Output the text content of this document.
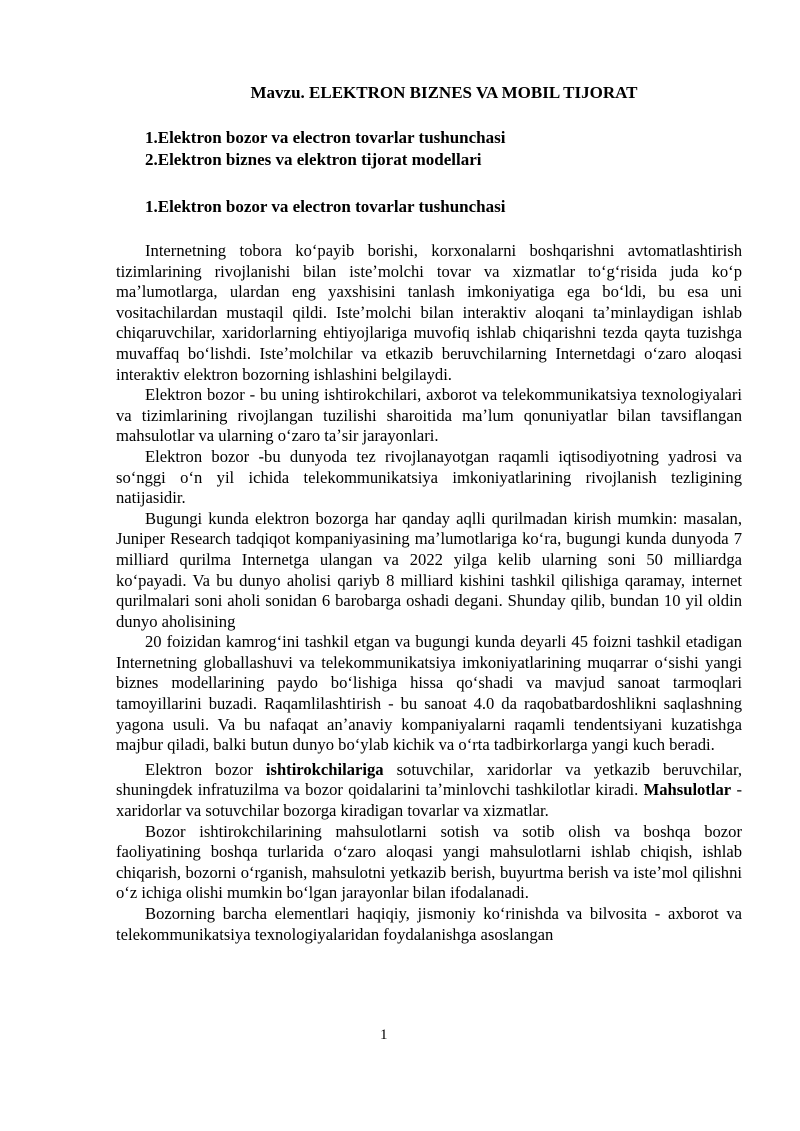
Mavzu. ELEKTRON BIZNES VA MOBIL TIJORAT
1.Elektron bozor va electron tovarlar tushunchasi
2.Elektron biznes va elektron tijorat modellari
1.Elektron bozor va electron tovarlar tushunchasi

Internetning tobora koʻpayib borishi, korxonalarni boshqarishni avtomatlashtirish tizimlarining rivojlanishi bilan isteʼmolchi tovar va xizmatlar toʻgʻrisida juda koʻp maʼlumotlarga, ulardan eng yaxshisini tanlash imkoniyatiga ega boʻldi, bu esa uni vositachilardan mustaqil qildi. Isteʼmolchi bilan interaktiv aloqani taʼminlaydigan ishlab chiqaruvchilar, xaridorlarning ehtiyojlariga muvofiq ishlab chiqarishni tezda qayta tuzishga muvaffaq boʻlishdi. Isteʼmolchilar va etkazib beruvchilarning Internetdagi oʻzaro aloqasi interaktiv elektron bozorning ishlashini belgilaydi.

Elektron bozor - bu uning ishtirokchilari, axborot va telekommunikatsiya texnologiyalari va tizimlarining rivojlangan tuzilishi sharoitida maʼlum qonuniyatlar bilan tavsiflangan mahsulotlar va ularning oʻzaro taʼsir jarayonlari.

Elektron bozor -bu dunyoda tez rivojlanayotgan raqamli iqtisodiyotning yadrosi va soʻnggi oʻn yil ichida telekommunikatsiya imkoniyatlarining rivojlanish tezligining natijasidir.

Bugungi kunda elektron bozorga har qanday aqlli qurilmadan kirish mumkin: masalan, Juniper Research tadqiqot kompaniyasining maʼlumotlariga koʻra, bugungi kunda dunyoda 7 milliard qurilma Internetga ulangan va 2022 yilga kelib ularning soni 50 milliardga koʻpayadi. Va bu dunyo aholisi qariyb 8 milliard kishini tashkil qilishiga qaramay, internet qurilmalari soni aholi sonidan 6 barobarga oshadi degani. Shunday qilib, bundan 10 yil oldin dunyo aholisining

20 foizidan kamrogʻini tashkil etgan va bugungi kunda deyarli 45 foizni tashkil etadigan Internetning globallashuvi va telekommunikatsiya imkoniyatlarining muqarrar oʻsishi yangi biznes modellarining paydo boʻlishiga hissa qoʻshadi va mavjud sanoat tarmoqlari tamoyillarini buzadi. Raqamlilashtirish - bu sanoat 4.0 da raqobatbardoshlikni saqlashning yagona usuli. Va bu nafaqat anʼanaviy kompaniyalarni raqamli tendentsiyani kuzatishga majbur qiladi, balki butun dunyo boʻylab kichik va oʻrta tadbirkorlarga yangi kuch beradi.

Elektron bozor ishtirokchilariga sotuvchilar, xaridorlar va yetkazib beruvchilar, shuningdek infratuzilma va bozor qoidalarini taʼminlovchi tashkilotlar kiradi. Mahsulotlar - xaridorlar va sotuvchilar bozorga kiradigan tovarlar va xizmatlar.

Bozor ishtirokchilarining mahsulotlarni sotish va sotib olish va boshqa bozor faoliyatining boshqa turlarida oʻzaro aloqasi yangi mahsulotlarni ishlab chiqish, ishlab chiqarish, bozorni oʻrganish, mahsulotni yetkazib berish, buyurtma berish va isteʼmol qilishni oʻz ichiga olishi mumkin boʻlgan jarayonlar bilan ifodalanadi.

Bozorning barcha elementlari haqiqiy, jismoniy koʻrinishda va bilvosita - axborot va telekommunikatsiya texnologiyalaridan foydalanishga asoslangan

1
